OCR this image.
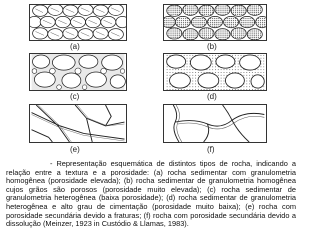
(a)	(b)
(c)	(d)
(e)	(f)

- Representação esquemática de distintos tipos de rocha, indicando a relação entre a textura e a porosidade: (a) rocha sedimentar com granulometria homogênea (porosidade elevada); (b) rocha sedimentar de granulometria homogênea cujos grãos são porosos (porosidade muito elevada); (c) rocha sedimentar de granulometria heterogênea (baixa porosidade); (d) rocha sedimentar de granulometria heterogênea e alto grau de cimentação (porosidade muito baixa); (e) rocha com porosidade secundária devido a fraturas; (f) rocha com porosidade secundária devido a dissolução (Meinzer, 1923 in Custódio & Llamas, 1983).
